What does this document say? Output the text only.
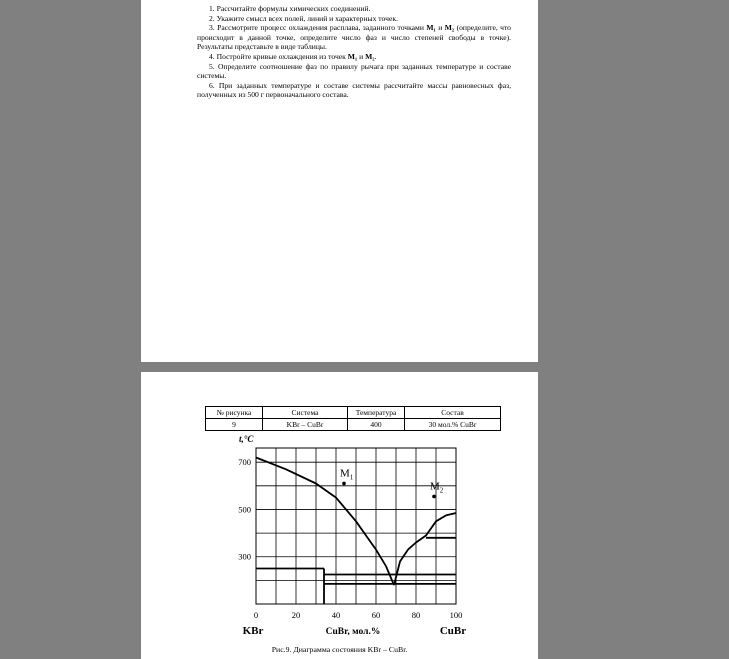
1. Рассчитайте формулы химических соединений.

2. Укажите смысл всех полей, линий и характерных точек.

3. Рассмотрите процесс охлаждения расплава, заданного точками M₁ и M₂ (определите, что происходит в данной точке, определите число фаз и число степеней свободы в точке). Результаты представьте в виде таблицы.

4. Постройте кривые охлаждения из точек M₁ и M₂.

5. Определите соотношение фаз по правилу рычага при заданных температуре и составе системы.

6. При заданных температуре и составе системы рассчитайте массы равновесных фаз, полученных из 500 г первоначального состава.

№ рисунка	Система	Температура	Состав
9	KBr – CuBr	400	30 мол.% CuBr
$M_1$
$M_2$
0	20	40	60	80	100
300
500
700
t,°C
CuBr, мол.%
KBr	CuBr
Рис.9. Диаграмма состояния KBr – CuBr.
